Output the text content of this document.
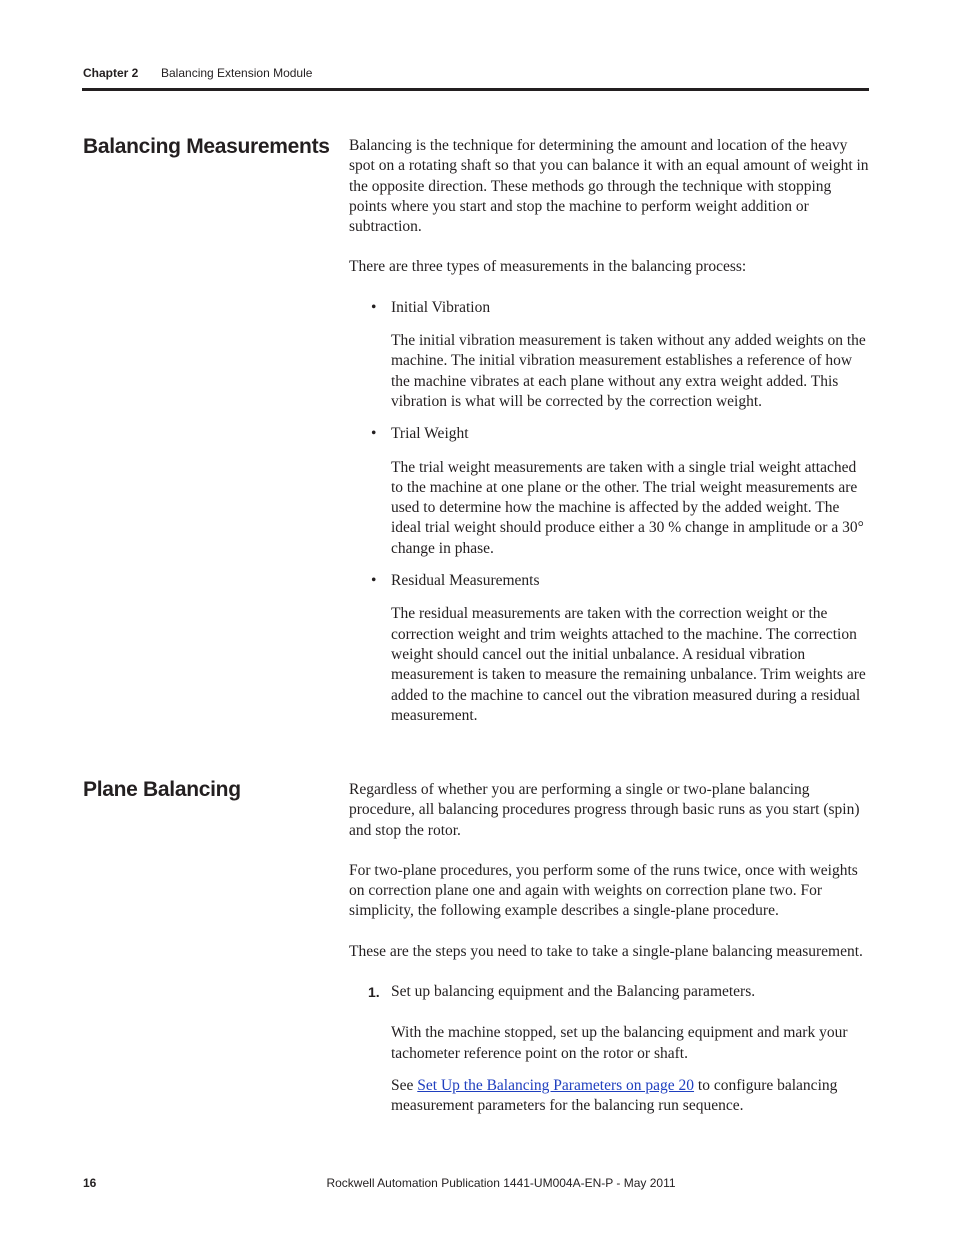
Chapter 2 Balancing Extension Module
Balancing Measurements Balancing is the technique for determining the amount and location of the heavy spot on a rotating shaft so that you can balance it with an equal amount of weight in the opposite direction. These methods go through the technique with stopping points where you start and stop the machine to perform weight addition or subtraction.

There are three types of measurements in the balancing process:

• Initial Vibration

The initial vibration measurement is taken without any added weights on the machine. The initial vibration measurement establishes a reference of how the machine vibrates at each plane without any extra weight added. This vibration is what will be corrected by the correction weight.

• Trial Weight

The trial weight measurements are taken with a single trial weight attached to the machine at one plane or the other. The trial weight measurements are used to determine how the machine is affected by the added weight. The ideal trial weight should produce either a 30 % change in amplitude or a 30° change in phase.

• Residual Measurements

The residual measurements are taken with the correction weight or the correction weight and trim weights attached to the machine. The correction weight should cancel out the initial unbalance. A residual vibration measurement is taken to measure the remaining unbalance. Trim weights are added to the machine to cancel out the vibration measured during a residual measurement.

Plane Balancing	Regardless of whether you are performing a single or two-plane balancing procedure, all balancing procedures progress through basic runs as you start (spin) and stop the rotor.

For two-plane procedures, you perform some of the runs twice, once with weights on correction plane one and again with weights on correction plane two. For simplicity, the following example describes a single-plane procedure.

These are the steps you need to take to take a single-plane balancing measurement.

1. Set up balancing equipment and the Balancing parameters.

With the machine stopped, set up the balancing equipment and mark your tachometer reference point on the rotor or shaft.

See Set Up the Balancing Parameters on page 20 to configure balancing measurement parameters for the balancing run sequence.

16	Rockwell Automation Publication 1441-UM004A-EN-P - May 2011
